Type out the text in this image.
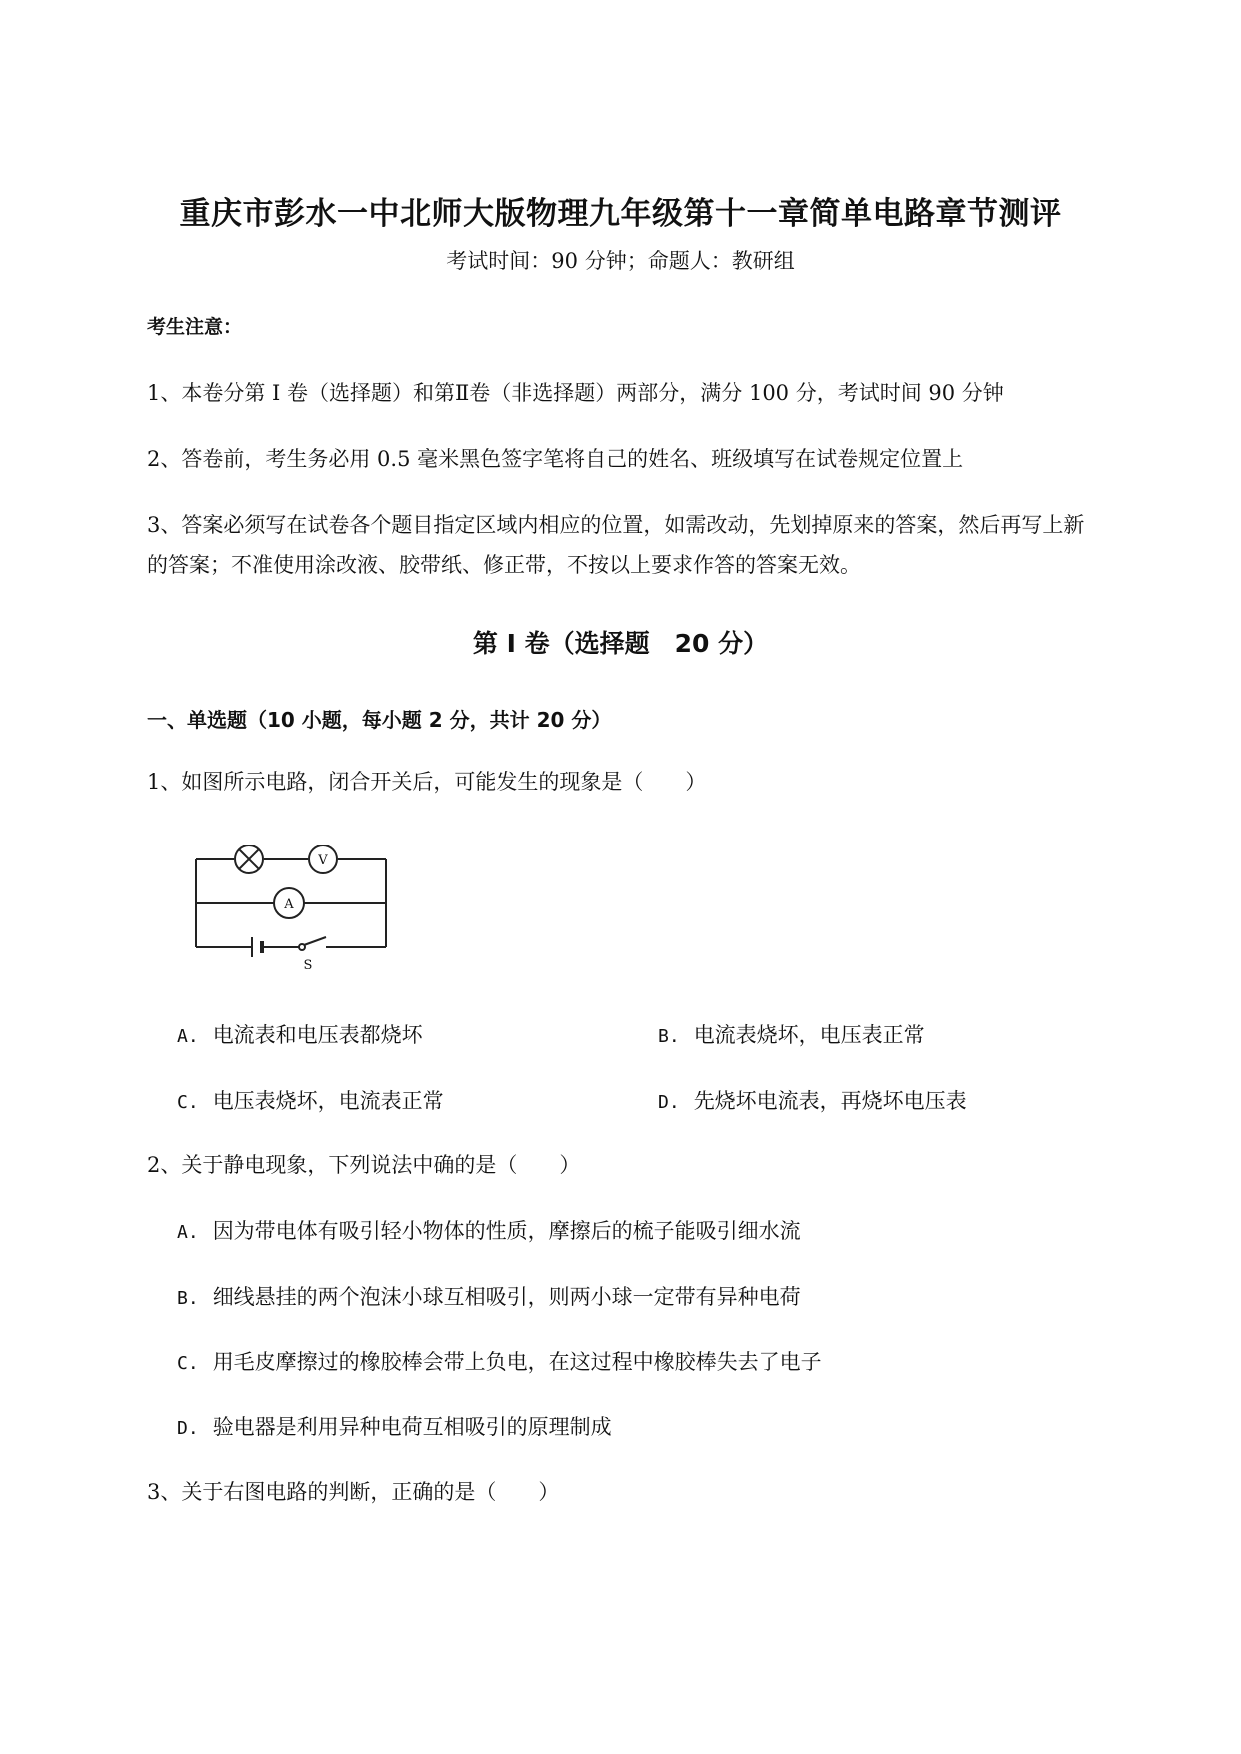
重庆市彭水一中北师大版物理九年级第十一章简单电路章节测评
考试时间：90 分钟；命题人：教研组
考生注意：
1、本卷分第 I 卷（选择题）和第Ⅱ卷（非选择题）两部分，满分 100 分，考试时间 90 分钟
2、答卷前，考生务必用 0.5 毫米黑色签字笔将自己的姓名、班级填写在试卷规定位置上
3、答案必须写在试卷各个题目指定区域内相应的位置，如需改动，先划掉原来的答案，然后再写上新
的答案；不准使用涂改液、胶带纸、修正带，不按以上要求作答的答案无效。
第 I 卷（选择题　20 分）
一、单选题（10 小题，每小题 2 分，共计 20 分）
1、如图所示电路，闭合开关后，可能发生的现象是（　　）
V
A
S
A. 电流表和电压表都烧坏	B. 电流表烧坏，电压表正常
C. 电压表烧坏，电流表正常	D. 先烧坏电流表，再烧坏电压表
2、关于静电现象，下列说法中确的是（　　）
A. 因为带电体有吸引轻小物体的性质，摩擦后的梳子能吸引细水流
B. 细线悬挂的两个泡沫小球互相吸引，则两小球一定带有异种电荷
C. 用毛皮摩擦过的橡胶棒会带上负电，在这过程中橡胶棒失去了电子
D. 验电器是利用异种电荷互相吸引的原理制成
3、关于右图电路的判断，正确的是（　　）
